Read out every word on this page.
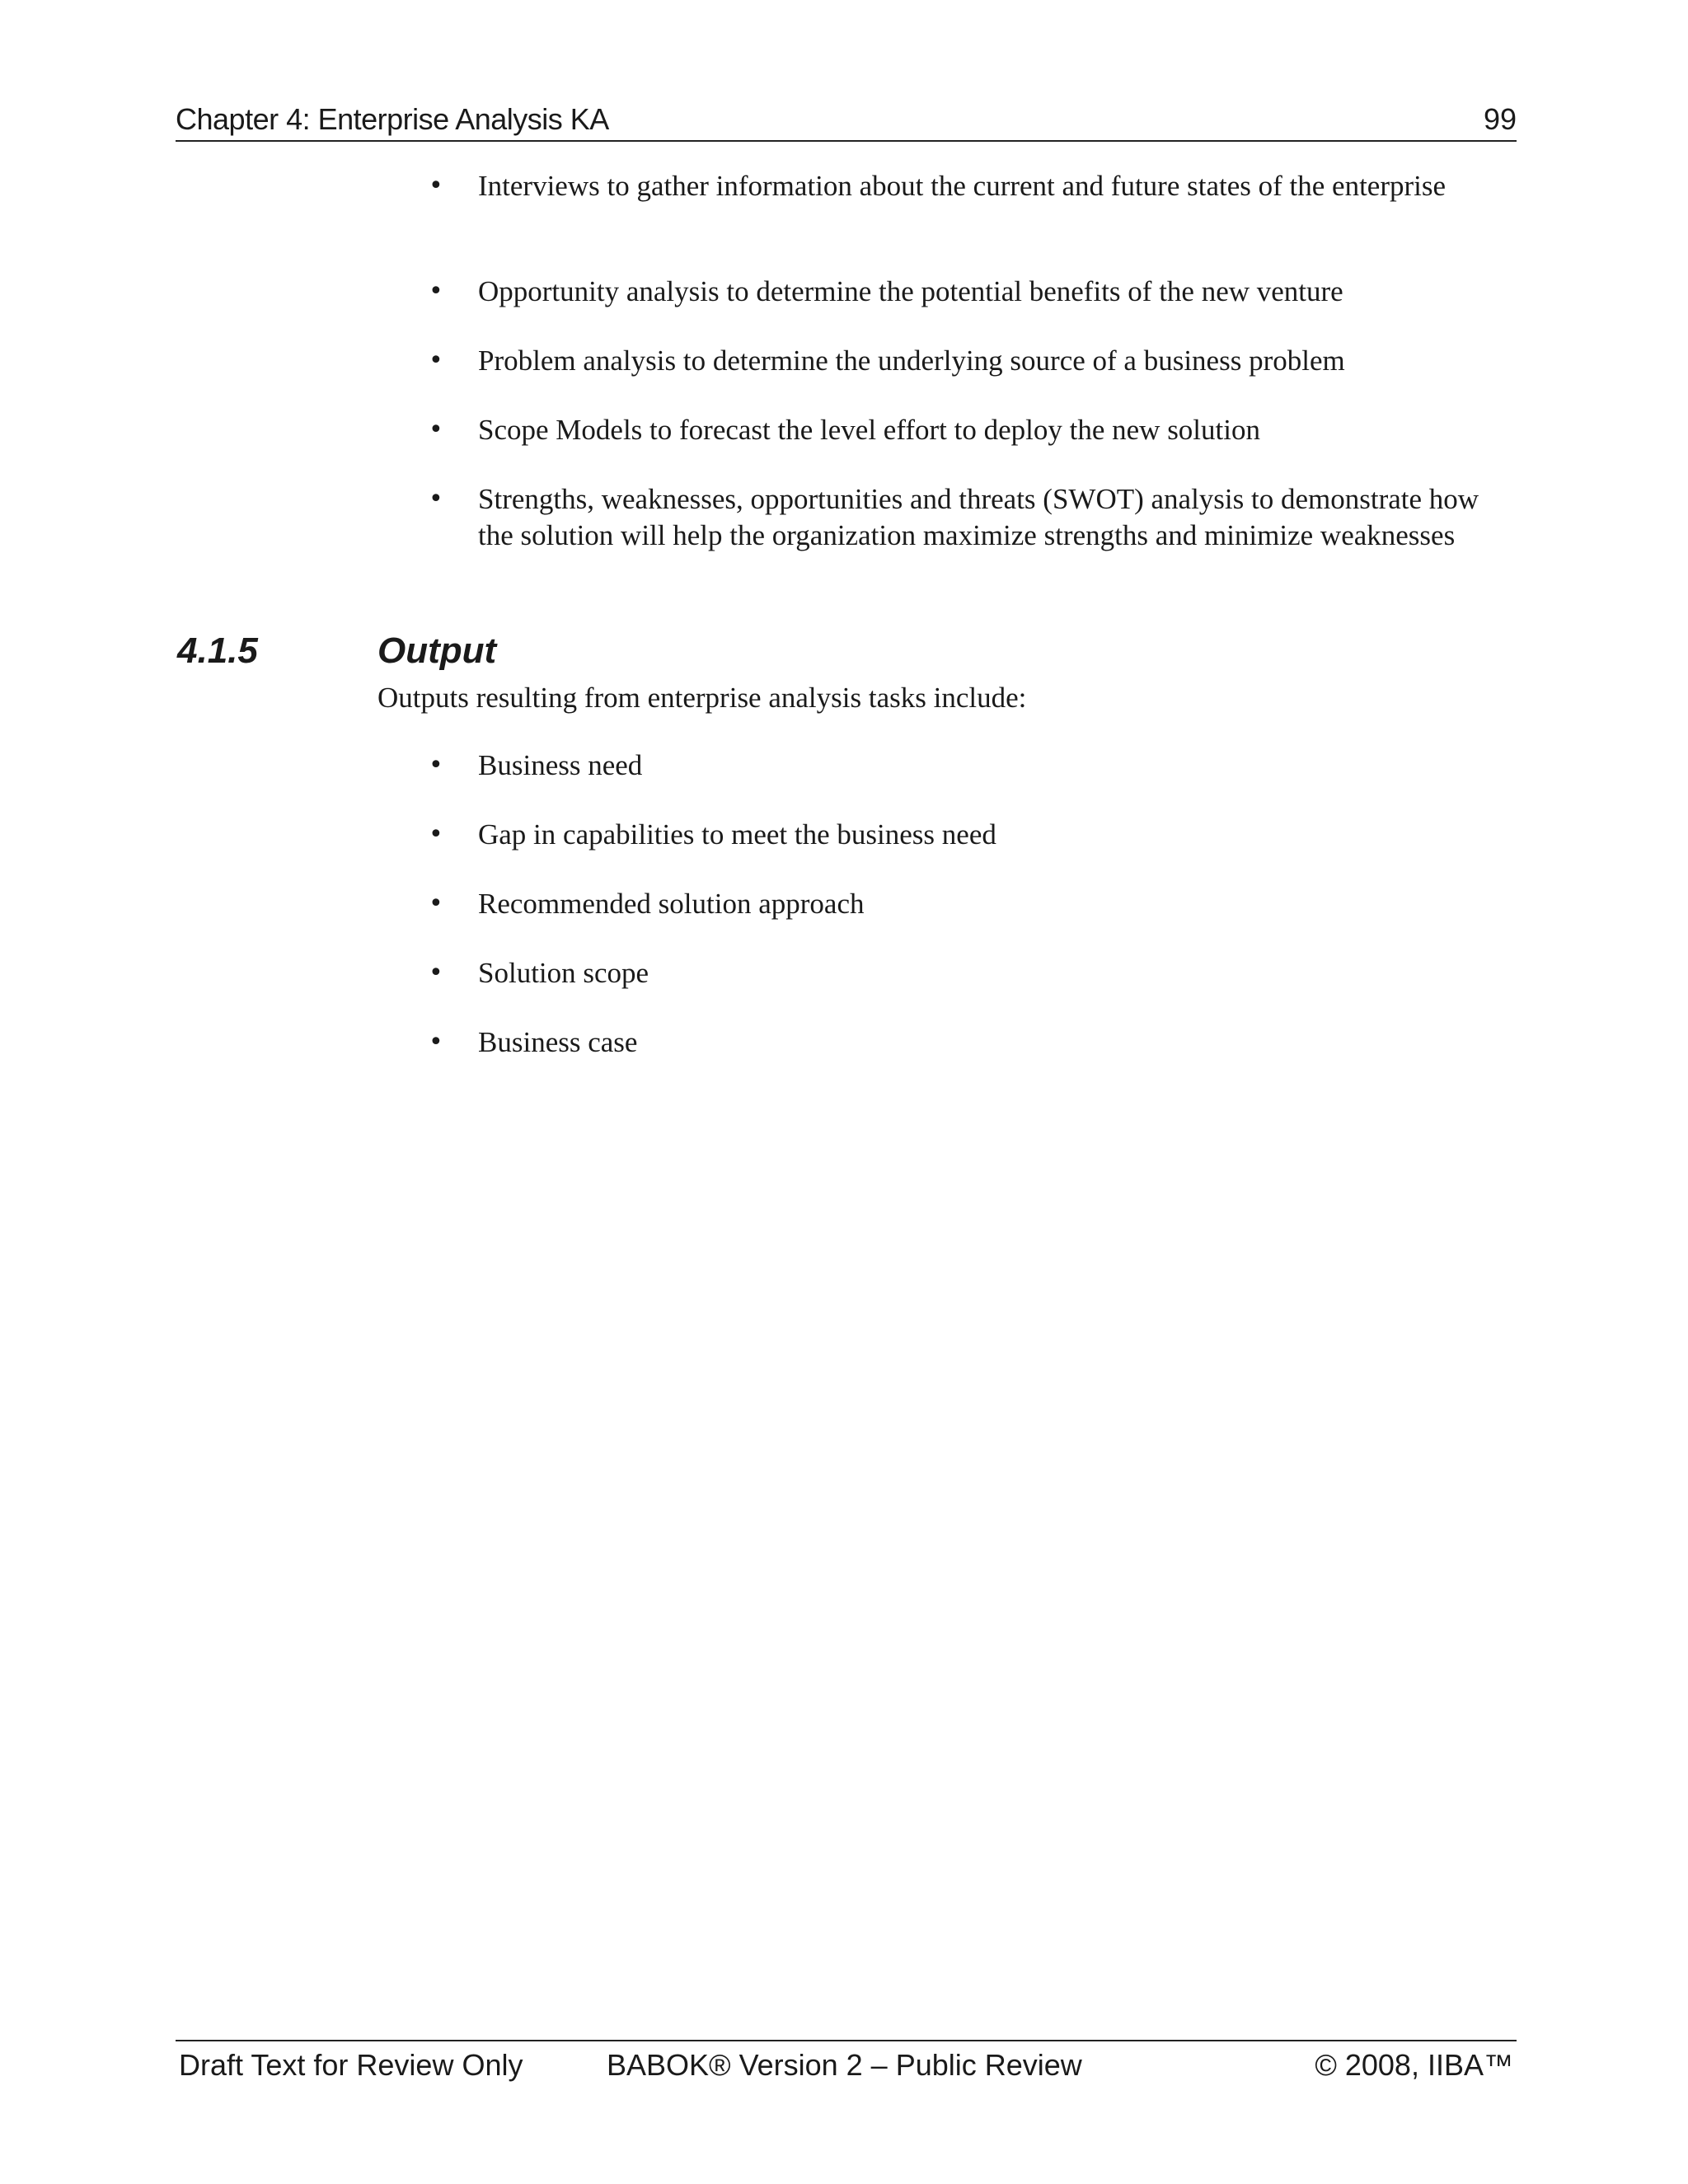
Chapter 4: Enterprise Analysis KA	99
• Interviews to gather information about the current and future states of the enterprise
• Opportunity analysis to determine the potential benefits of the new venture
• Problem analysis to determine the underlying source of a business problem
• Scope Models to forecast the level effort to deploy the new solution
• Strengths, weaknesses, opportunities and threats (SWOT) analysis to demonstrate how the solution will help the organization maximize strengths and minimize weaknesses
4.1.5	Output
Outputs resulting from enterprise analysis tasks include:
• Business need
• Gap in capabilities to meet the business need
• Recommended solution approach
• Solution scope
• Business case
Draft Text for Review Only	BABOK® Version 2 – Public Review	© 2008, IIBA™
